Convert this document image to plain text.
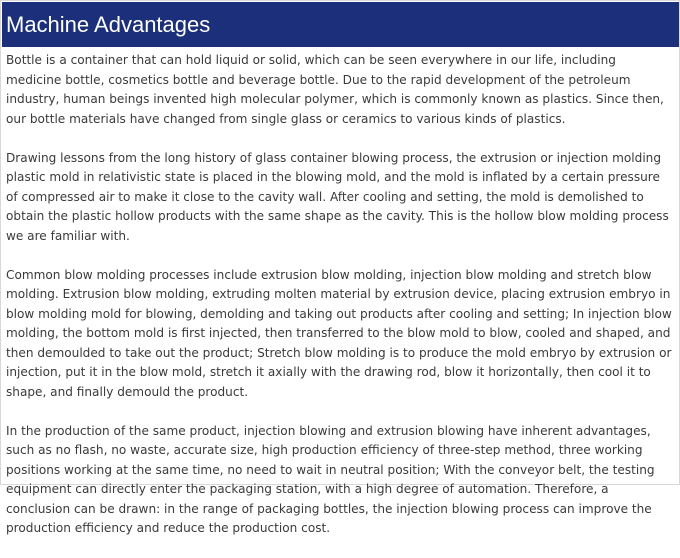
Machine Advantages

Bottle is a container that can hold liquid or solid, which can be seen everywhere in our life, including medicine bottle, cosmetics bottle and beverage bottle. Due to the rapid development of the petroleum industry, human beings invented high molecular polymer, which is commonly known as plastics. Since then, our bottle materials have changed from single glass or ceramics to various kinds of plastics.

Drawing lessons from the long history of glass container blowing process, the extrusion or injection molding plastic mold in relativistic state is placed in the blowing mold, and the mold is inflated by a certain pressure of compressed air to make it close to the cavity wall. After cooling and setting, the mold is demolished to obtain the plastic hollow products with the same shape as the cavity. This is the hollow blow molding process we are familiar with.

Common blow molding processes include extrusion blow molding, injection blow molding and stretch blow molding. Extrusion blow molding, extruding molten material by extrusion device, placing extrusion embryo in blow molding mold for blowing, demolding and taking out products after cooling and setting; In injection blow molding, the bottom mold is first injected, then transferred to the blow mold to blow, cooled and shaped, and then demoulded to take out the product; Stretch blow molding is to produce the mold embryo by extrusion or injection, put it in the blow mold, stretch it axially with the drawing rod, blow it horizontally, then cool it to shape, and finally demould the product.

In the production of the same product, injection blowing and extrusion blowing have inherent advantages, such as no flash, no waste, accurate size, high production efficiency of three-step method, three working positions working at the same time, no need to wait in neutral position; With the conveyor belt, the testing equipment can directly enter the packaging station, with a high degree of automation. Therefore, a conclusion can be drawn: in the range of packaging bottles, the injection blowing process can improve the production efficiency and reduce the production cost.
